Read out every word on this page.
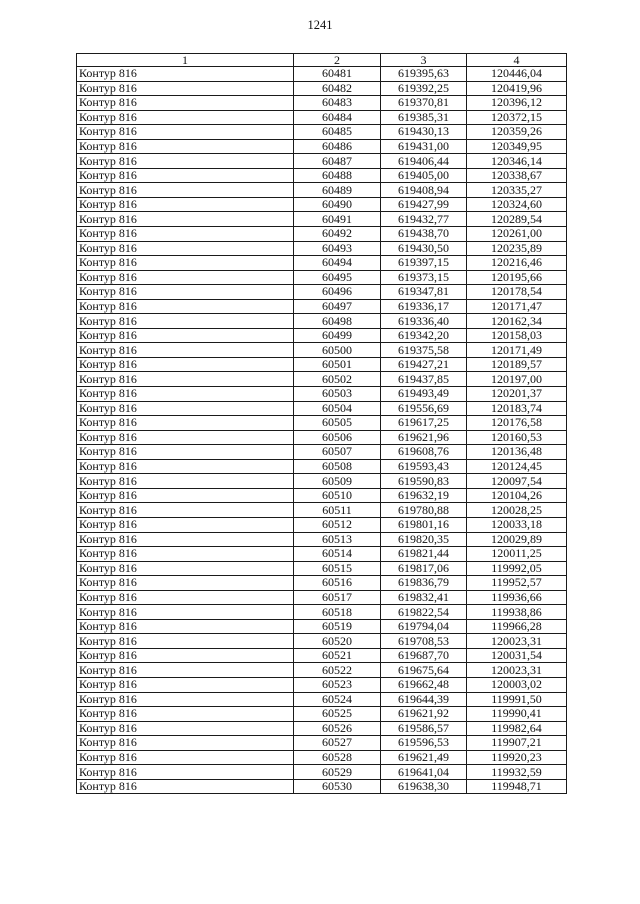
1241
1	2	3	4
Контур 816	60481	619395,63	120446,04
Контур 816	60482	619392,25	120419,96
Контур 816	60483	619370,81	120396,12
Контур 816	60484	619385,31	120372,15
Контур 816	60485	619430,13	120359,26
Контур 816	60486	619431,00	120349,95
Контур 816	60487	619406,44	120346,14
Контур 816	60488	619405,00	120338,67
Контур 816	60489	619408,94	120335,27
Контур 816	60490	619427,99	120324,60
Контур 816	60491	619432,77	120289,54
Контур 816	60492	619438,70	120261,00
Контур 816	60493	619430,50	120235,89
Контур 816	60494	619397,15	120216,46
Контур 816	60495	619373,15	120195,66
Контур 816	60496	619347,81	120178,54
Контур 816	60497	619336,17	120171,47
Контур 816	60498	619336,40	120162,34
Контур 816	60499	619342,20	120158,03
Контур 816	60500	619375,58	120171,49
Контур 816	60501	619427,21	120189,57
Контур 816	60502	619437,85	120197,00
Контур 816	60503	619493,49	120201,37
Контур 816	60504	619556,69	120183,74
Контур 816	60505	619617,25	120176,58
Контур 816	60506	619621,96	120160,53
Контур 816	60507	619608,76	120136,48
Контур 816	60508	619593,43	120124,45
Контур 816	60509	619590,83	120097,54
Контур 816	60510	619632,19	120104,26
Контур 816	60511	619780,88	120028,25
Контур 816	60512	619801,16	120033,18
Контур 816	60513	619820,35	120029,89
Контур 816	60514	619821,44	120011,25
Контур 816	60515	619817,06	119992,05
Контур 816	60516	619836,79	119952,57
Контур 816	60517	619832,41	119936,66
Контур 816	60518	619822,54	119938,86
Контур 816	60519	619794,04	119966,28
Контур 816	60520	619708,53	120023,31
Контур 816	60521	619687,70	120031,54
Контур 816	60522	619675,64	120023,31
Контур 816	60523	619662,48	120003,02
Контур 816	60524	619644,39	119991,50
Контур 816	60525	619621,92	119990,41
Контур 816	60526	619586,57	119982,64
Контур 816	60527	619596,53	119907,21
Контур 816	60528	619621,49	119920,23
Контур 816	60529	619641,04	119932,59
Контур 816	60530	619638,30	119948,71
